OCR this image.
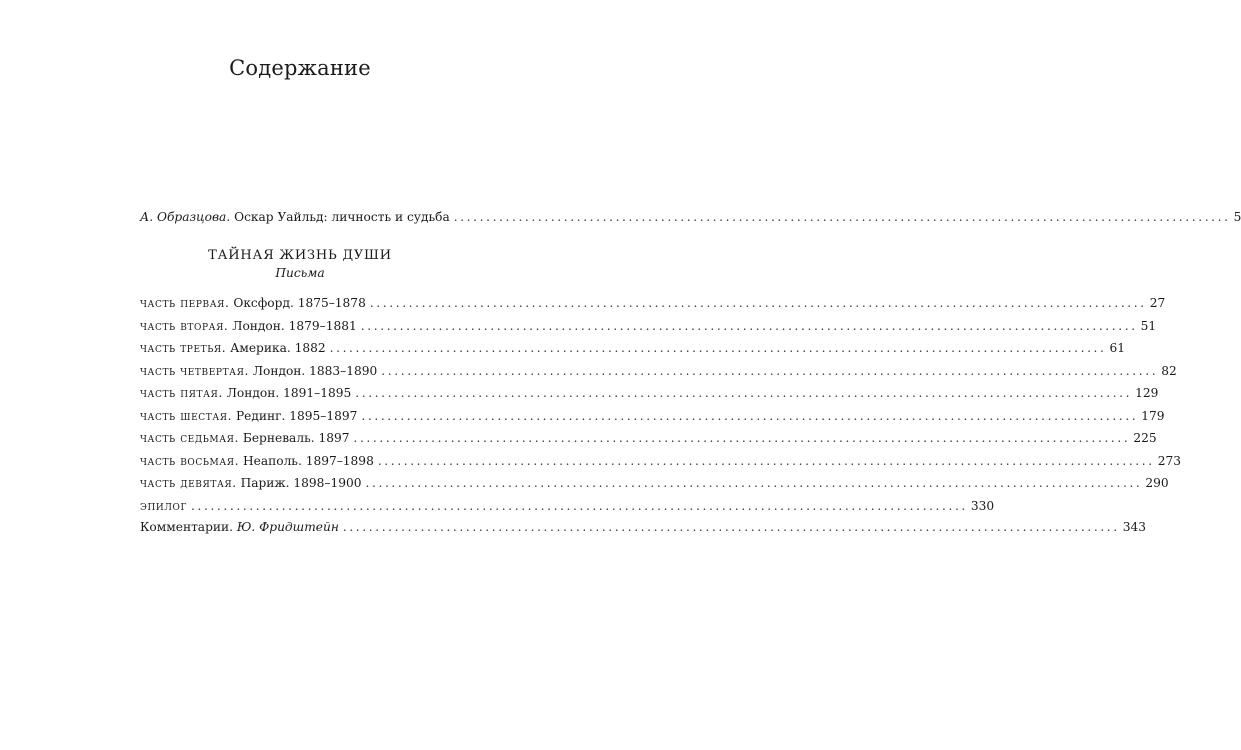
Содержание
А. Образцова. Оскар Уайльд: личность и судьба ........................................................................................................................ 5
ТАЙНАЯ ЖИЗНЬ ДУШИ
Письма
часть первая. Оксфорд. 1875–1878 ........................................................................................................................ 27
часть вторая. Лондон. 1879–1881 ........................................................................................................................ 51
часть третья. Америка. 1882 ........................................................................................................................ 61
часть четвертая. Лондон. 1883–1890 ........................................................................................................................ 82
часть пятая. Лондон. 1891–1895 ........................................................................................................................ 129
часть шестая. Рединг. 1895–1897 ........................................................................................................................ 179
часть седьмая. Берневаль. 1897 ........................................................................................................................ 225
часть восьмая. Неаполь. 1897–1898 ........................................................................................................................ 273
часть девятая. Париж. 1898–1900 ........................................................................................................................ 290
эпилог ........................................................................................................................ 330
Комментарии. Ю. Фридштейн ........................................................................................................................ 343
